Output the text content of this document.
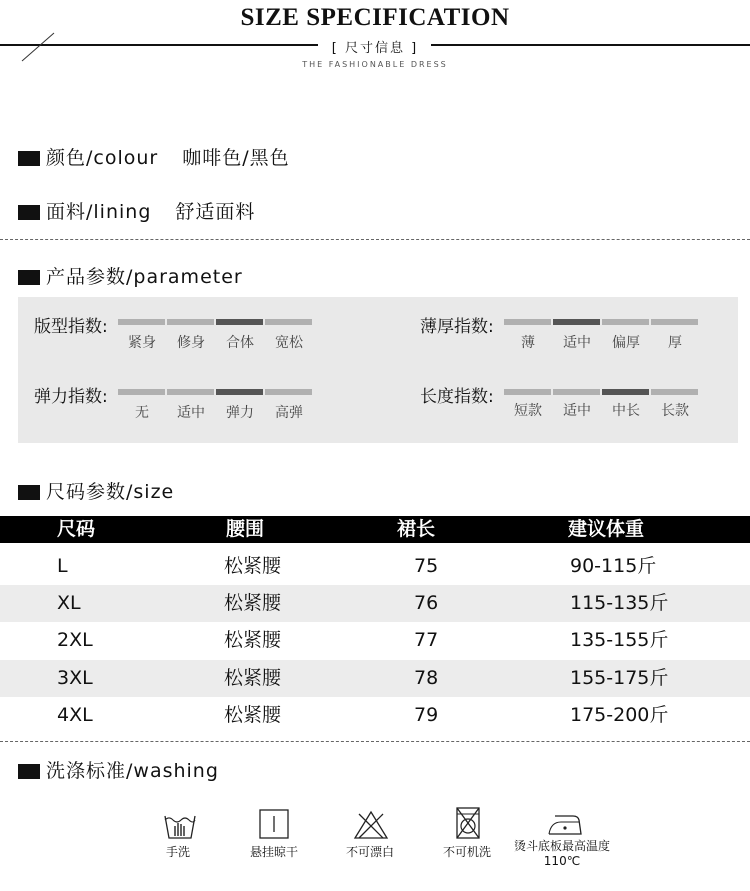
SIZE SPECIFICATION
[ 尺寸信息 ]
THE FASHIONABLE DRESS
颜色/colour 咖啡色/黑色
面料/lining 舒适面料
产品参数/parameter
版型指数:
紧身	修身	合体	宽松
薄厚指数:
薄	适中	偏厚	厚
弹力指数:
无	适中	弹力	高弹
长度指数:
短款	适中	中长	长款
尺码参数/size
尺码	腰围	裙长	建议体重
L	松紧腰	75	90-115斤
XL	松紧腰	76	115-135斤
2XL	松紧腰	77	135-155斤
3XL	松紧腰	78	155-175斤
4XL	松紧腰	79	175-200斤
洗涤标准/washing
手洗	悬挂晾干	不可漂白	不可机洗	烫斗底板最高温度110℃
